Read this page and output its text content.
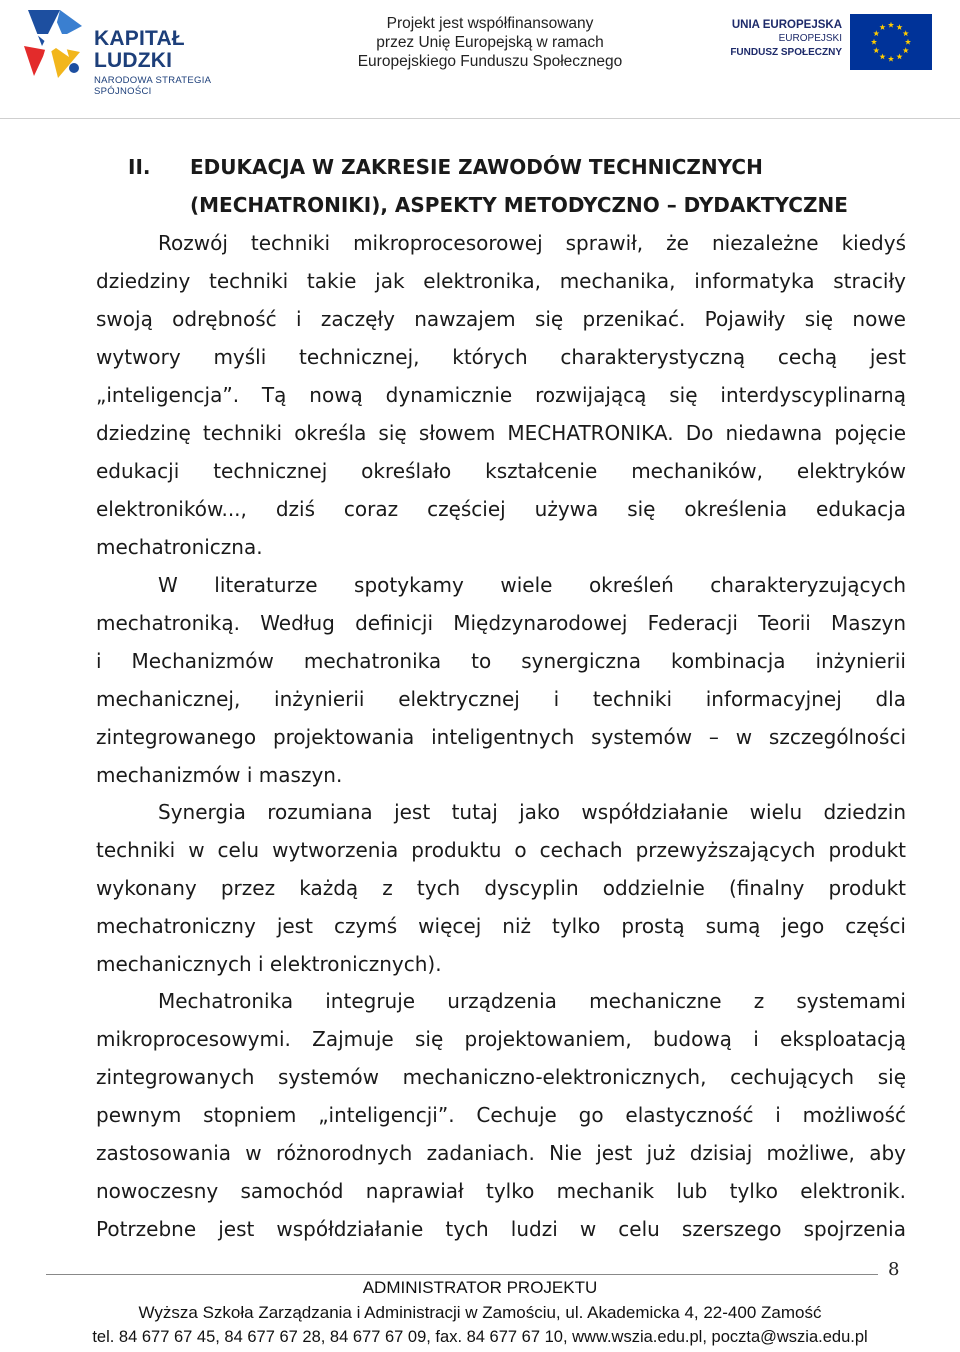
KAPITAŁ LUDZKI
NARODOWA STRATEGIA SPÓJNOŚCI
Projekt jest współfinansowany
przez Unię Europejską w ramach
Europejskiego Funduszu Społecznego
UNIA EUROPEJSKA
EUROPEJSKI
FUNDUSZ SPOŁECZNY
II. EDUKACJA W ZAKRESIE ZAWODÓW TECHNICZNYCH
(MECHATRONIKI), ASPEKTY METODYCZNO – DYDAKTYCZNE
Rozwój techniki mikroprocesorowej sprawił, że niezależne kiedyś
dziedziny techniki takie jak elektronika, mechanika, informatyka straciły
swoją odrębność i zaczęły nawzajem się przenikać. Pojawiły się nowe
wytwory myśli technicznej, których charakterystyczną cechą jest
„inteligencja”. Tą nową dynamicznie rozwijającą się interdyscyplinarną
dziedzinę techniki określa się słowem MECHATRONIKA. Do niedawna pojęcie
edukacji technicznej określało kształcenie mechaników, elektryków
elektroników..., dziś coraz częściej używa się określenia edukacja
mechatroniczna.
W literaturze spotykamy wiele określeń charakteryzujących
mechatroniką. Według definicji Międzynarodowej Federacji Teorii Maszyn
i Mechanizmów mechatronika to synergiczna kombinacja inżynierii
mechanicznej, inżynierii elektrycznej i techniki informacyjnej dla
zintegrowanego projektowania inteligentnych systemów – w szczególności
mechanizmów i maszyn.
Synergia rozumiana jest tutaj jako współdziałanie wielu dziedzin
techniki w celu wytworzenia produktu o cechach przewyższających produkt
wykonany przez każdą z tych dyscyplin oddzielnie (finalny produkt
mechatroniczny jest czymś więcej niż tylko prostą sumą jego części
mechanicznych i elektronicznych).
Mechatronika integruje urządzenia mechaniczne z systemami
mikroprocesowymi. Zajmuje się projektowaniem, budową i eksploatacją
zintegrowanych systemów mechaniczno-elektronicznych, cechujących się
pewnym stopniem „inteligencji”. Cechuje go elastyczność i możliwość
zastosowania w różnorodnych zadaniach. Nie jest już dzisiaj możliwe, aby
nowoczesny samochód naprawiał tylko mechanik lub tylko elektronik.
Potrzebne jest współdziałanie tych ludzi w celu szerszego spojrzenia
8
ADMINISTRATOR PROJEKTU
Wyższa Szkoła Zarządzania i Administracji w Zamościu, ul. Akademicka 4, 22-400 Zamość
tel. 84 677 67 45, 84 677 67 28, 84 677 67 09, fax. 84 677 67 10, www.wszia.edu.pl, poczta@wszia.edu.pl
